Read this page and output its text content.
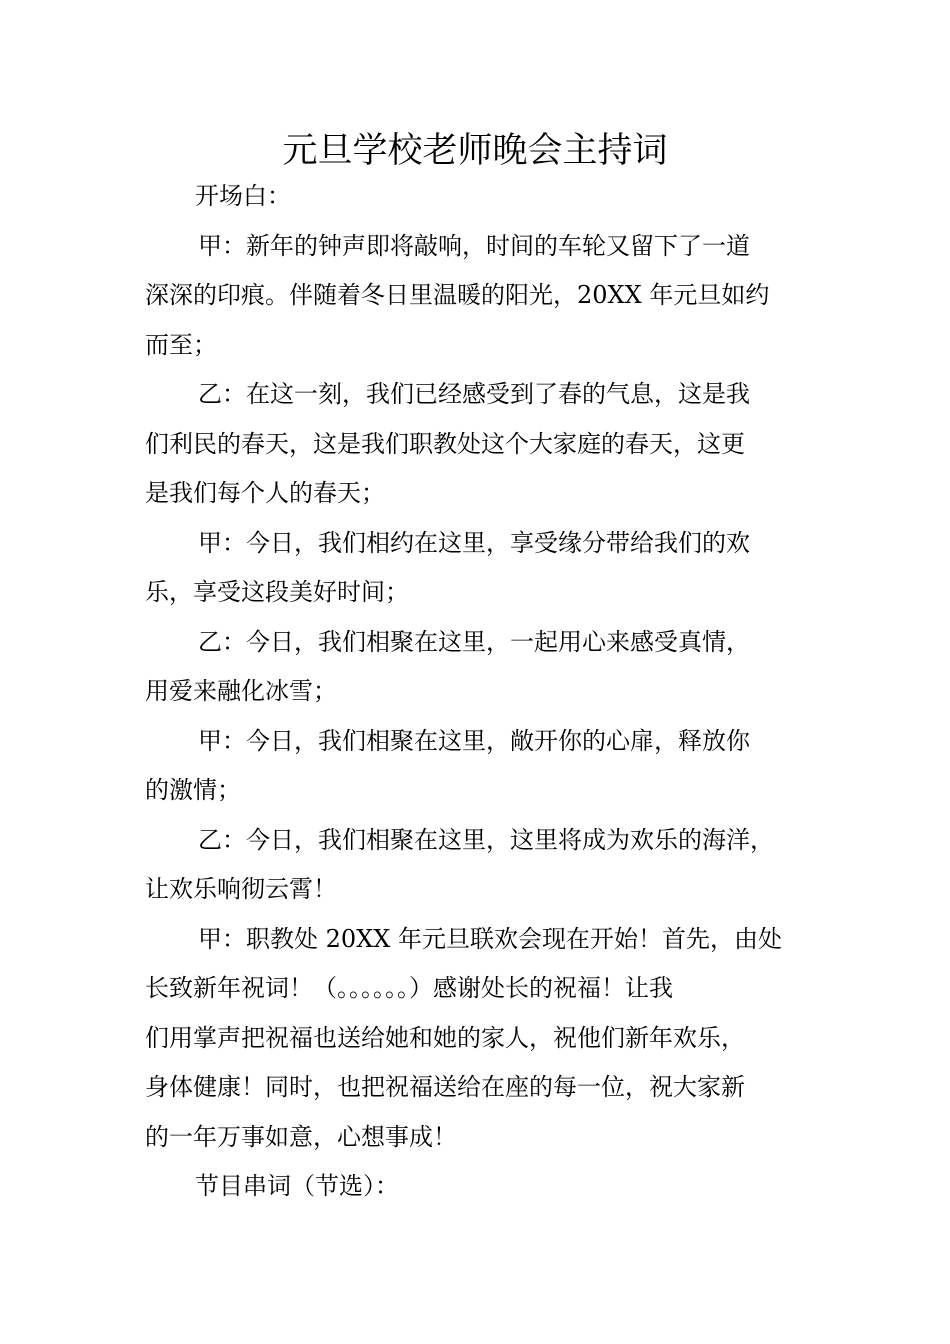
元旦学校老师晚会主持词
开场白：
甲：新年的钟声即将敲响，时间的车轮又留下了一道
深深的印痕。伴随着冬日里温暖的阳光，20XX 年元旦如约
而至；
乙：在这一刻，我们已经感受到了春的气息，这是我
们利民的春天，这是我们职教处这个大家庭的春天，这更
是我们每个人的春天；
甲：今日，我们相约在这里，享受缘分带给我们的欢
乐，享受这段美好时间；
乙：今日，我们相聚在这里，一起用心来感受真情，
用爱来融化冰雪；
甲：今日，我们相聚在这里，敞开你的心扉，释放你
的激情；
乙：今日，我们相聚在这里，这里将成为欢乐的海洋，
让欢乐响彻云霄！
甲：职教处 20XX 年元旦联欢会现在开始！首先，由处
长致新年祝词！（。。。。。。）感谢处长的祝福！让我
们用掌声把祝福也送给她和她的家人，祝他们新年欢乐，
身体健康！同时，也把祝福送给在座的每一位，祝大家新
的一年万事如意，心想事成！
节目串词（节选）：
